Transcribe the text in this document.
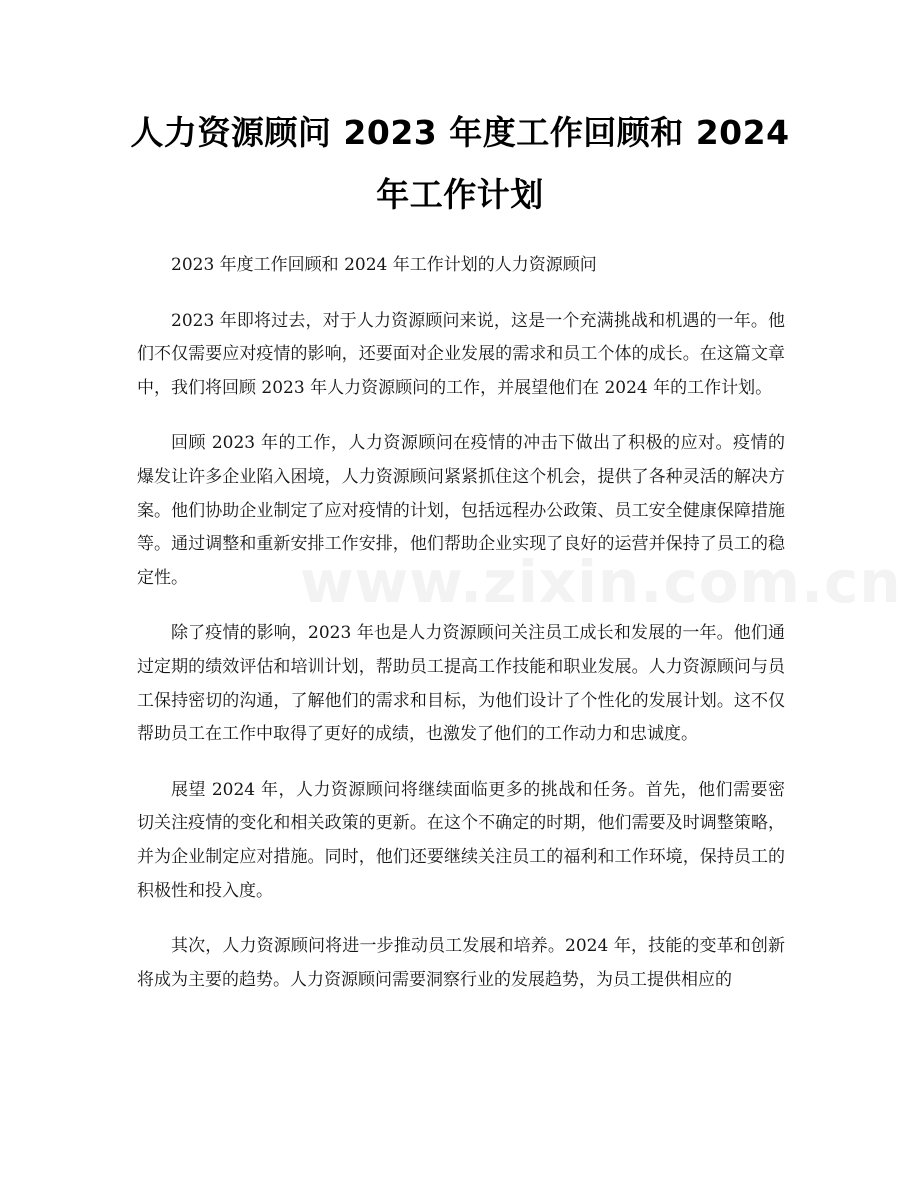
人力资源顾问 2023 年度工作回顾和 2024 年工作计划
www.zixin.com.cn

2023 年度工作回顾和 2024 年工作计划的人力资源顾问

2023 年即将过去，对于人力资源顾问来说，这是一个充满挑战和机遇的一年。他们不仅需要应对疫情的影响，还要面对企业发展的需求和员工个体的成长。在这篇文章中，我们将回顾 2023 年人力资源顾问的工作，并展望他们在 2024 年的工作计划。

回顾 2023 年的工作，人力资源顾问在疫情的冲击下做出了积极的应对。疫情的爆发让许多企业陷入困境，人力资源顾问紧紧抓住这个机会，提供了各种灵活的解决方案。他们协助企业制定了应对疫情的计划，包括远程办公政策、员工安全健康保障措施等。通过调整和重新安排工作安排，他们帮助企业实现了良好的运营并保持了员工的稳定性。

除了疫情的影响，2023 年也是人力资源顾问关注员工成长和发展的一年。他们通过定期的绩效评估和培训计划，帮助员工提高工作技能和职业发展。人力资源顾问与员工保持密切的沟通，了解他们的需求和目标，为他们设计了个性化的发展计划。这不仅帮助员工在工作中取得了更好的成绩，也激发了他们的工作动力和忠诚度。

展望 2024 年，人力资源顾问将继续面临更多的挑战和任务。首先，他们需要密切关注疫情的变化和相关政策的更新。在这个不确定的时期，他们需要及时调整策略，并为企业制定应对措施。同时，他们还要继续关注员工的福利和工作环境，保持员工的积极性和投入度。

其次，人力资源顾问将进一步推动员工发展和培养。2024 年，技能的变革和创新将成为主要的趋势。人力资源顾问需要洞察行业的发展趋势，为员工提供相应的
